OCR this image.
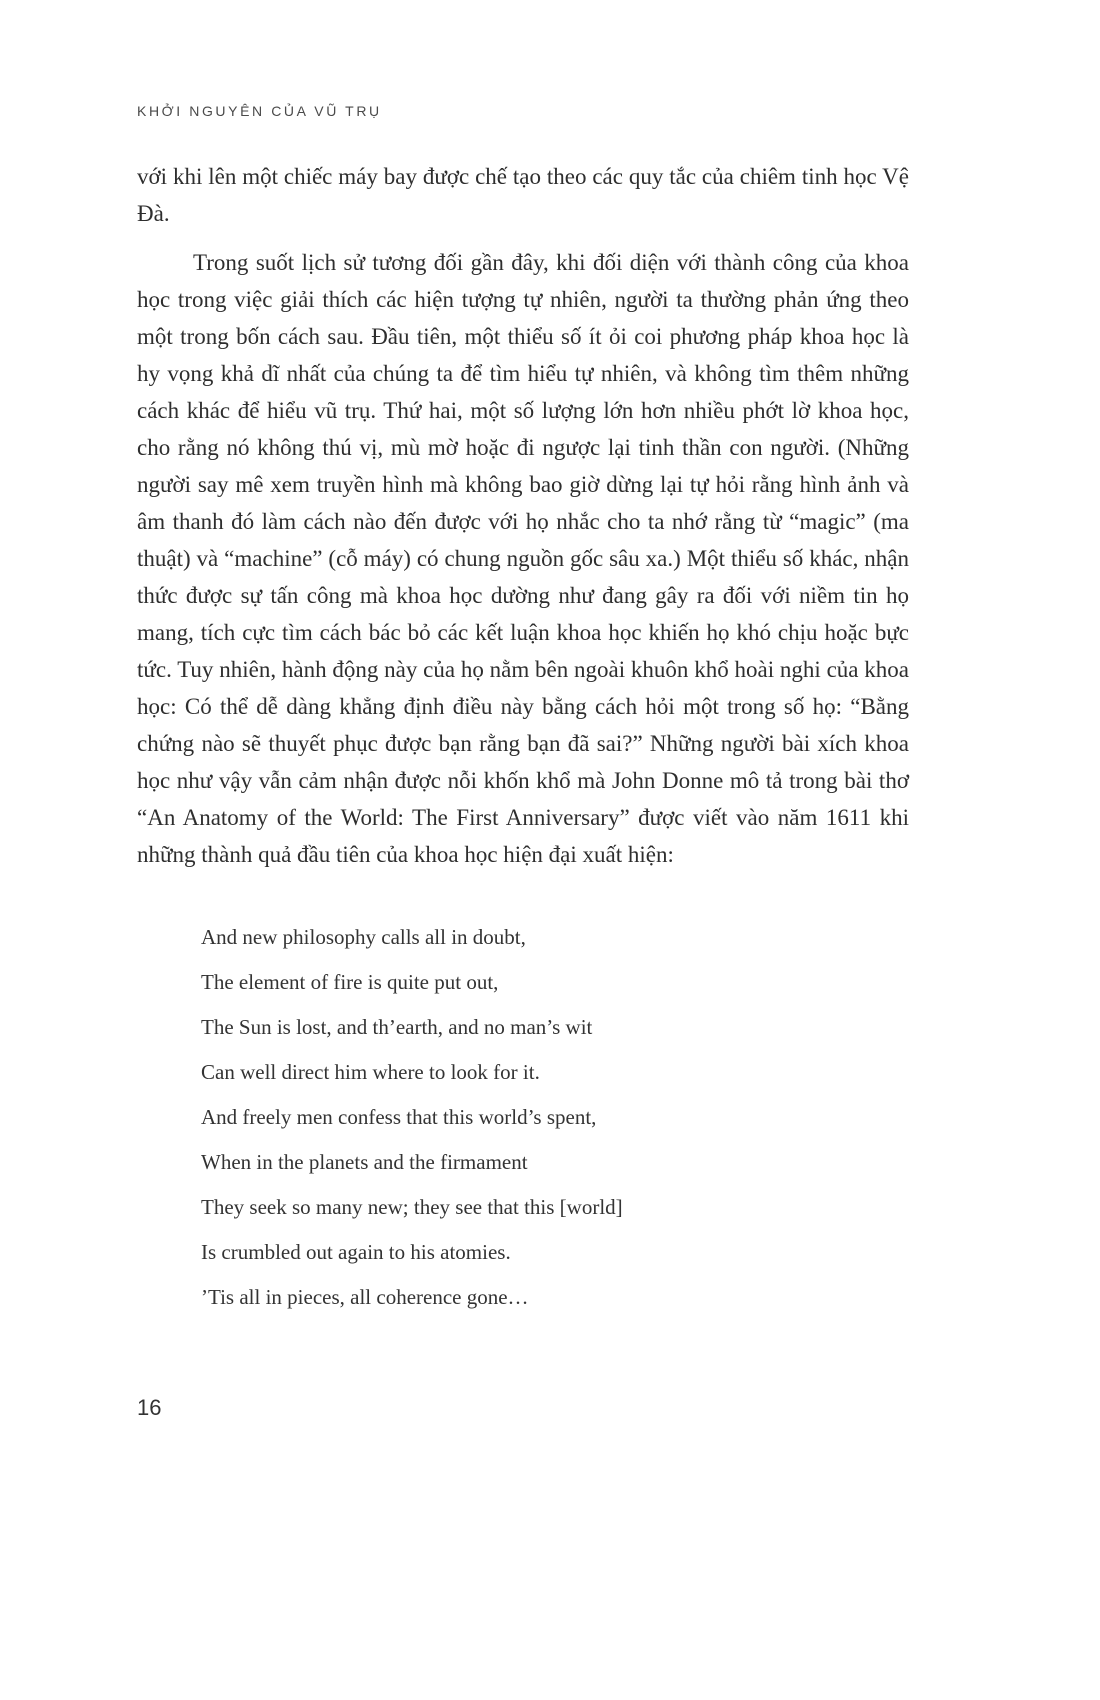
KHỞI NGUYÊN CỦA VŨ TRỤ

với khi lên một chiếc máy bay được chế tạo theo các quy tắc của chiêm tinh học Vệ Đà.

Trong suốt lịch sử tương đối gần đây, khi đối diện với thành công của khoa học trong việc giải thích các hiện tượng tự nhiên, người ta thường phản ứng theo một trong bốn cách sau. Đầu tiên, một thiểu số ít ỏi coi phương pháp khoa học là hy vọng khả dĩ nhất của chúng ta để tìm hiểu tự nhiên, và không tìm thêm những cách khác để hiểu vũ trụ. Thứ hai, một số lượng lớn hơn nhiều phớt lờ khoa học, cho rằng nó không thú vị, mù mờ hoặc đi ngược lại tinh thần con người. (Những người say mê xem truyền hình mà không bao giờ dừng lại tự hỏi rằng hình ảnh và âm thanh đó làm cách nào đến được với họ nhắc cho ta nhớ rằng từ “magic” (ma thuật) và “machine” (cỗ máy) có chung nguồn gốc sâu xa.) Một thiểu số khác, nhận thức được sự tấn công mà khoa học dường như đang gây ra đối với niềm tin họ mang, tích cực tìm cách bác bỏ các kết luận khoa học khiến họ khó chịu hoặc bực tức. Tuy nhiên, hành động này của họ nằm bên ngoài khuôn khổ hoài nghi của khoa học: Có thể dễ dàng khẳng định điều này bằng cách hỏi một trong số họ: “Bằng chứng nào sẽ thuyết phục được bạn rằng bạn đã sai?” Những người bài xích khoa học như vậy vẫn cảm nhận được nỗi khốn khổ mà John Donne mô tả trong bài thơ “An Anatomy of the World: The First Anniversary” được viết vào năm 1611 khi những thành quả đầu tiên của khoa học hiện đại xuất hiện:

And new philosophy calls all in doubt,

The element of fire is quite put out,

The Sun is lost, and th’earth, and no man’s wit

Can well direct him where to look for it.

And freely men confess that this world’s spent,

When in the planets and the firmament

They seek so many new; they see that this [world]

Is crumbled out again to his atomies.

’Tis all in pieces, all coherence gone…

16
